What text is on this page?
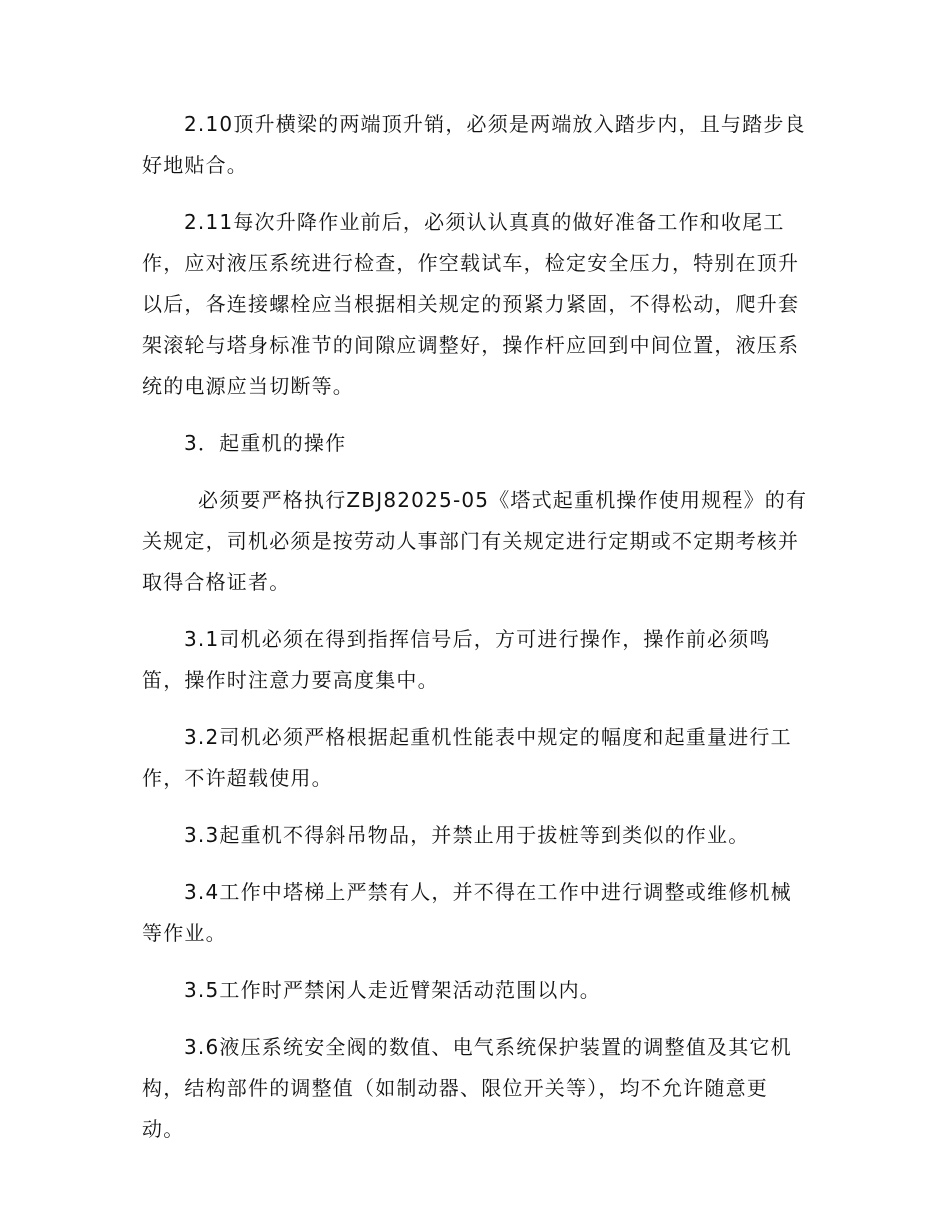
2.10顶升横梁的两端顶升销，必须是两端放入踏步内，且与踏步良好地贴合。

2.11每次升降作业前后，必须认认真真的做好准备工作和收尾工作，应对液压系统进行检查，作空载试车，检定安全压力，特别在顶升以后，各连接螺栓应当根据相关规定的预紧力紧固，不得松动，爬升套架滚轮与塔身标准节的间隙应调整好，操作杆应回到中间位置，液压系统的电源应当切断等。

3．起重机的操作

必须要严格执行ZBJ82025-05《塔式起重机操作使用规程》的有关规定，司机必须是按劳动人事部门有关规定进行定期或不定期考核并取得合格证者。

3.1司机必须在得到指挥信号后，方可进行操作，操作前必须鸣笛，操作时注意力要高度集中。

3.2司机必须严格根据起重机性能表中规定的幅度和起重量进行工作，不许超载使用。

3.3起重机不得斜吊物品，并禁止用于拔桩等到类似的作业。

3.4工作中塔梯上严禁有人，并不得在工作中进行调整或维修机械等作业。

3.5工作时严禁闲人走近臂架活动范围以内。

3.6液压系统安全阀的数值、电气系统保护装置的调整值及其它机构，结构部件的调整值（如制动器、限位开关等），均不允许随意更动。
